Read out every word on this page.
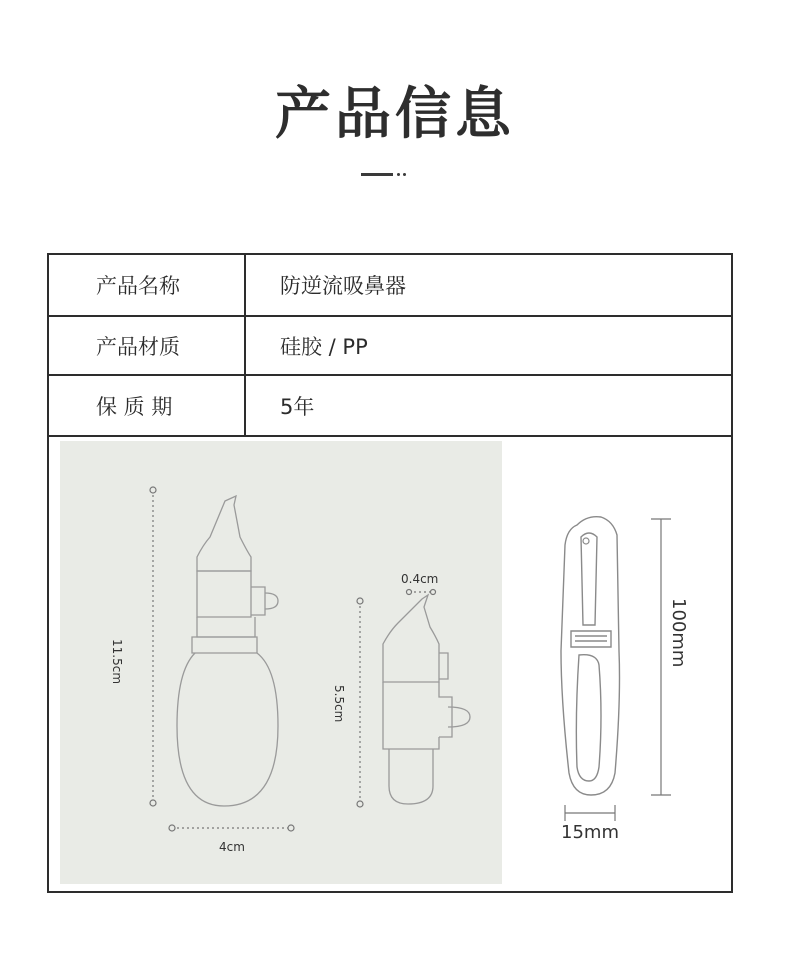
产品信息
产品名称	防逆流吸鼻器
产品材质	硅胶 / PP
保 质 期	5年
11.5cm
4cm
5.5cm
0.4cm
100mm
15mm
